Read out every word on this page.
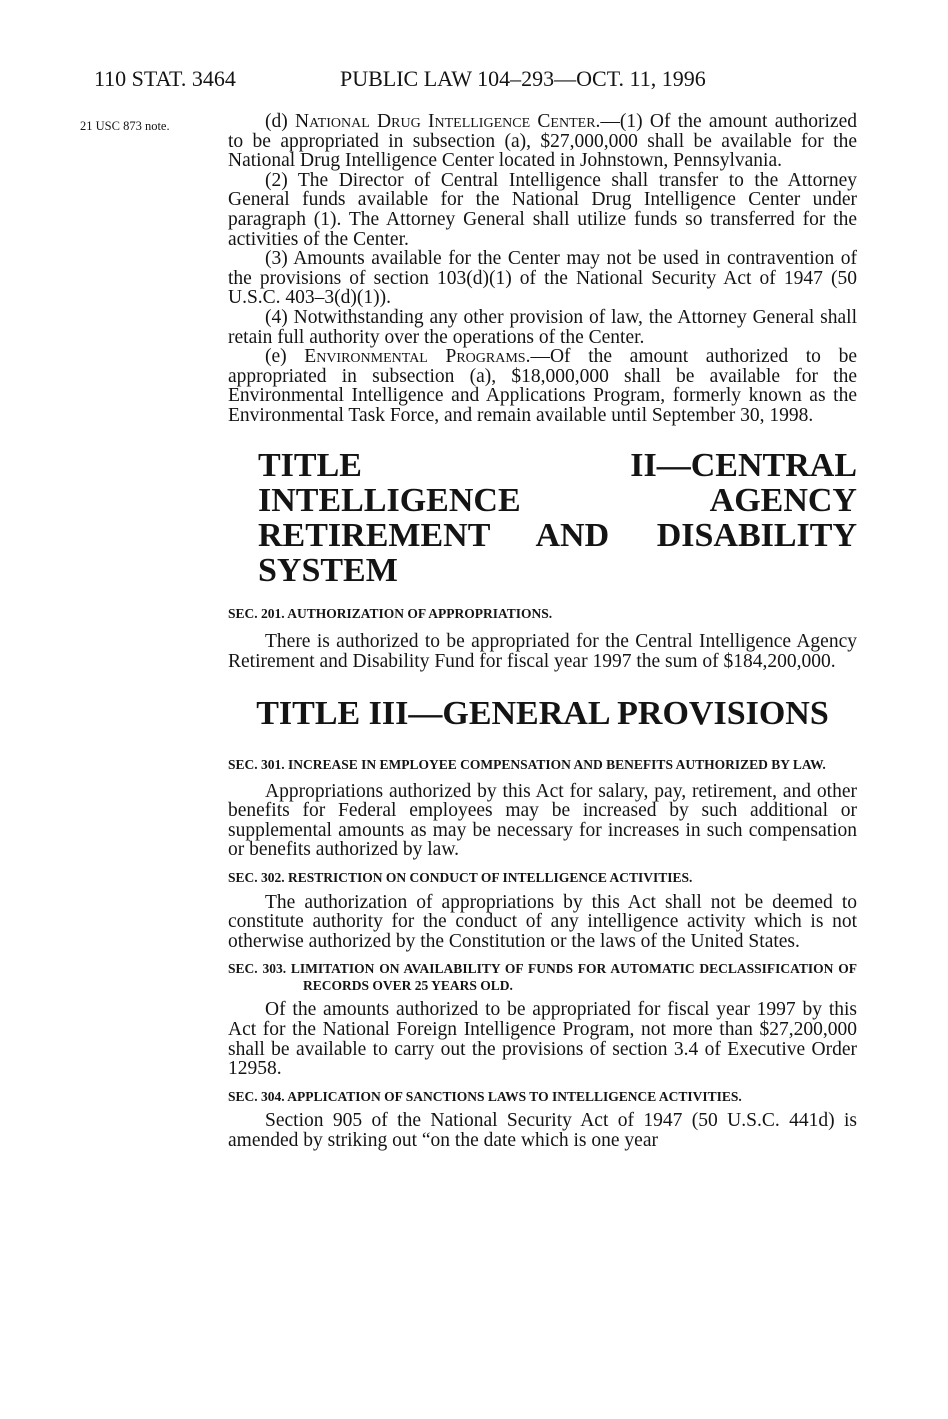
110 STAT. 3464	PUBLIC LAW 104–293—OCT. 11, 1996
21 USC 873 note.	(d) National Drug Intelligence Center.—(1) Of the amount authorized to be appropriated in subsection (a), $27,000,000 shall be available for the National Drug Intelligence Center located in Johnstown, Pennsylvania.

(2) The Director of Central Intelligence shall transfer to the Attorney General funds available for the National Drug Intelligence Center under paragraph (1). The Attorney General shall utilize funds so transferred for the activities of the Center.

(3) Amounts available for the Center may not be used in contravention of the provisions of section 103(d)(1) of the National Security Act of 1947 (50 U.S.C. 403–3(d)(1)).

(4) Notwithstanding any other provision of law, the Attorney General shall retain full authority over the operations of the Center.

(e) Environmental Programs.—Of the amount authorized to be appropriated in subsection (a), $18,000,000 shall be available for the Environmental Intelligence and Applications Program, formerly known as the Environmental Task Force, and remain available until September 30, 1998.

TITLE II—CENTRAL INTELLIGENCE AGENCY RETIREMENT AND DISABILITY SYSTEM
SEC. 201. AUTHORIZATION OF APPROPRIATIONS.

There is authorized to be appropriated for the Central Intelligence Agency Retirement and Disability Fund for fiscal year 1997 the sum of $184,200,000.

TITLE III—GENERAL PROVISIONS
SEC. 301. INCREASE IN EMPLOYEE COMPENSATION AND BENEFITS AUTHORIZED BY LAW.

Appropriations authorized by this Act for salary, pay, retirement, and other benefits for Federal employees may be increased by such additional or supplemental amounts as may be necessary for increases in such compensation or benefits authorized by law.

SEC. 302. RESTRICTION ON CONDUCT OF INTELLIGENCE ACTIVITIES.

The authorization of appropriations by this Act shall not be deemed to constitute authority for the conduct of any intelligence activity which is not otherwise authorized by the Constitution or the laws of the United States.

SEC. 303. LIMITATION ON AVAILABILITY OF FUNDS FOR AUTOMATIC DECLASSIFICATION OF RECORDS OVER 25 YEARS OLD.

Of the amounts authorized to be appropriated for fiscal year 1997 by this Act for the National Foreign Intelligence Program, not more than $27,200,000 shall be available to carry out the provisions of section 3.4 of Executive Order 12958.

SEC. 304. APPLICATION OF SANCTIONS LAWS TO INTELLIGENCE ACTIVITIES.

Section 905 of the National Security Act of 1947 (50 U.S.C. 441d) is amended by striking out “on the date which is one year
